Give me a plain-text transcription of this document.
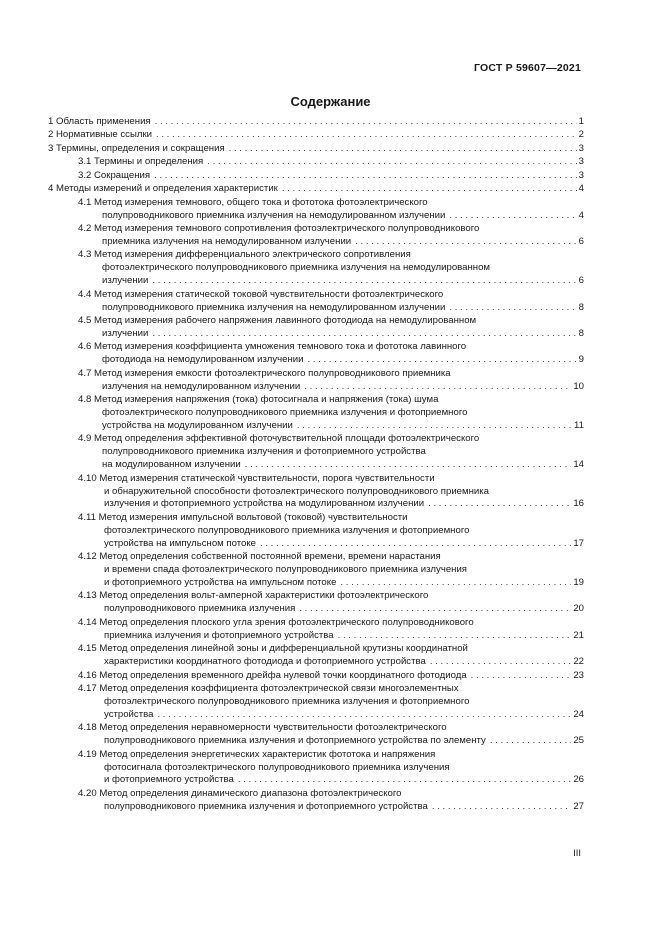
ГОСТ Р 59607—2021
Содержание
1 Область применения . . .	1
2 Нормативные ссылки . . .	2
3 Термины, определения и сокращения . . .	3
3.1 Термины и определения . . .	3
3.2 Сокращения . . .	3
4 Методы измерений и определения характеристик . . .	4
4.1 Метод измерения темнового, общего тока и фототока фотоэлектрического
полупроводникового приемника излучения на немодулированном излучении . . .	4
4.2 Метод измерения темнового сопротивления фотоэлектрического полупроводникового
приемника излучения на немодулированном излучении . . .	6
4.3 Метод измерения дифференциального электрического сопротивления
фотоэлектрического полупроводникового приемника излучения на немодулированном
излучении . . .	6
4.4 Метод измерения статической токовой чувствительности фотоэлектрического
полупроводникового приемника излучения на немодулированном излучении . . .	8
4.5 Метод измерения рабочего напряжения лавинного фотодиода на немодулированном
излучении . . .	8
4.6 Метод измерения коэффициента умножения темнового тока и фототока лавинного
фотодиода на немодулированном излучении . . .	9
4.7 Метод измерения емкости фотоэлектрического полупроводникового приемника
излучения на немодулированном излучении . . .	10
4.8 Метод измерения напряжения (тока) фотосигнала и напряжения (тока) шума
фотоэлектрического полупроводникового приемника излучения и фотоприемного
устройства на модулированном излучении . . .	11
4.9 Метод определения эффективной фоточувствительной площади фотоэлектрического
полупроводникового приемника излучения и фотоприемного устройства
на модулированном излучении . . .	14
4.10 Метод измерения статической чувствительности, порога чувствительности
и обнаружительной способности фотоэлектрического полупроводникового приемника
излучения и фотоприемного устройства на модулированном излучении . . .	16
4.11 Метод измерения импульсной вольтовой (токовой) чувствительности
фотоэлектрического полупроводникового приемника излучения и фотоприемного
устройства на импульсном потоке . . .	17
4.12 Метод определения собственной постоянной времени, времени нарастания
и времени спада фотоэлектрического полупроводникового приемника излучения
и фотоприемного устройства на импульсном потоке . . .	19
4.13 Метод определения вольт-амперной характеристики фотоэлектрического
полупроводникового приемника излучения . . .	20
4.14 Метод определения плоского угла зрения фотоэлектрического полупроводникового
приемника излучения и фотоприемного устройства . . .	21
4.15 Метод определения линейной зоны и дифференциальной крутизны координатной
характеристики координатного фотодиода и фотоприемного устройства . . .	22
4.16 Метод определения временного дрейфа нулевой точки координатного фотодиода . . .	23
4.17 Метод определения коэффициента фотоэлектрической связи многоэлементных
фотоэлектрического полупроводникового приемника излучения и фотоприемного
устройства . . .	24
4.18 Метод определения неравномерности чувствительности фотоэлектрического
полупроводникового приемника излучения и фотоприемного устройства по элементу . . .	25
4.19 Метод определения энергетических характеристик фототока и напряжения
фотосигнала фотоэлектрического полупроводникового приемника излучения
и фотоприемного устройства . . .	26
4.20 Метод определения динамического диапазона фотоэлектрического
полупроводникового приемника излучения и фотоприемного устройства . . .	27
III
